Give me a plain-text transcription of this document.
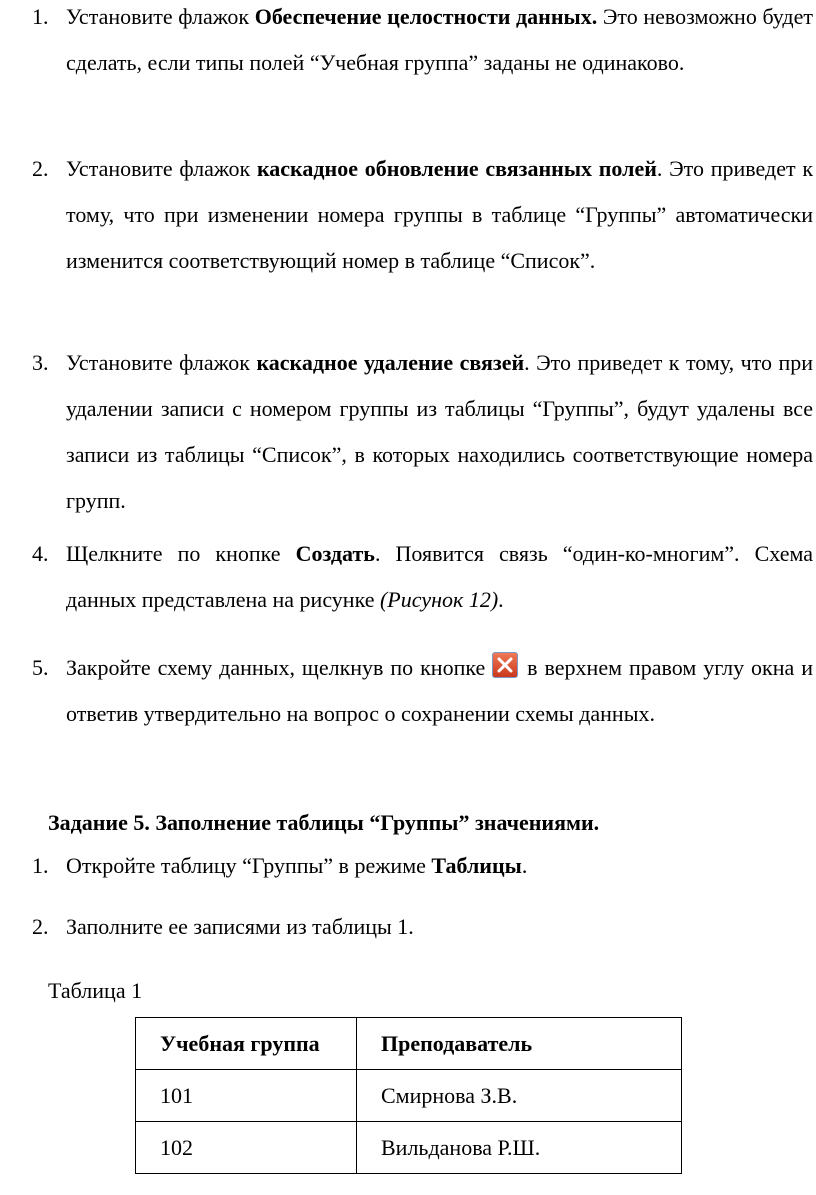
1. Установите флажок Обеспечение целостности данных. Это невозможно будет сделать, если типы полей “Учебная группа” заданы не одинаково.

2. Установите флажок каскадное обновление связанных полей. Это приведет к тому, что при изменении номера группы в таблице “Группы” автоматически изменится соответствующий номер в таблице “Список”.

3. Установите флажок каскадное удаление связей. Это приведет к тому, что при удалении записи с номером группы из таблицы “Группы”, будут удалены все записи из таблицы “Список”, в которых находились соответствующие номера групп.

4. Щелкните по кнопке Создать. Появится связь “один-ко-многим”. Схема данных представлена на рисунке (Рисунок 12).

5. Закройте схему данных, щелкнув по кнопке
в верхнем правом углу окна и ответив утвердительно на вопрос о сохранении схемы данных.

Задание 5. Заполнение таблицы “Группы” значениями.
1. Откройте таблицу “Группы” в режиме Таблицы.

2. Заполните ее записями из таблицы 1.

Таблица 1
Учебная группа	Преподаватель
101	Смирнова З.В.
102	Вильданова Р.Ш.
